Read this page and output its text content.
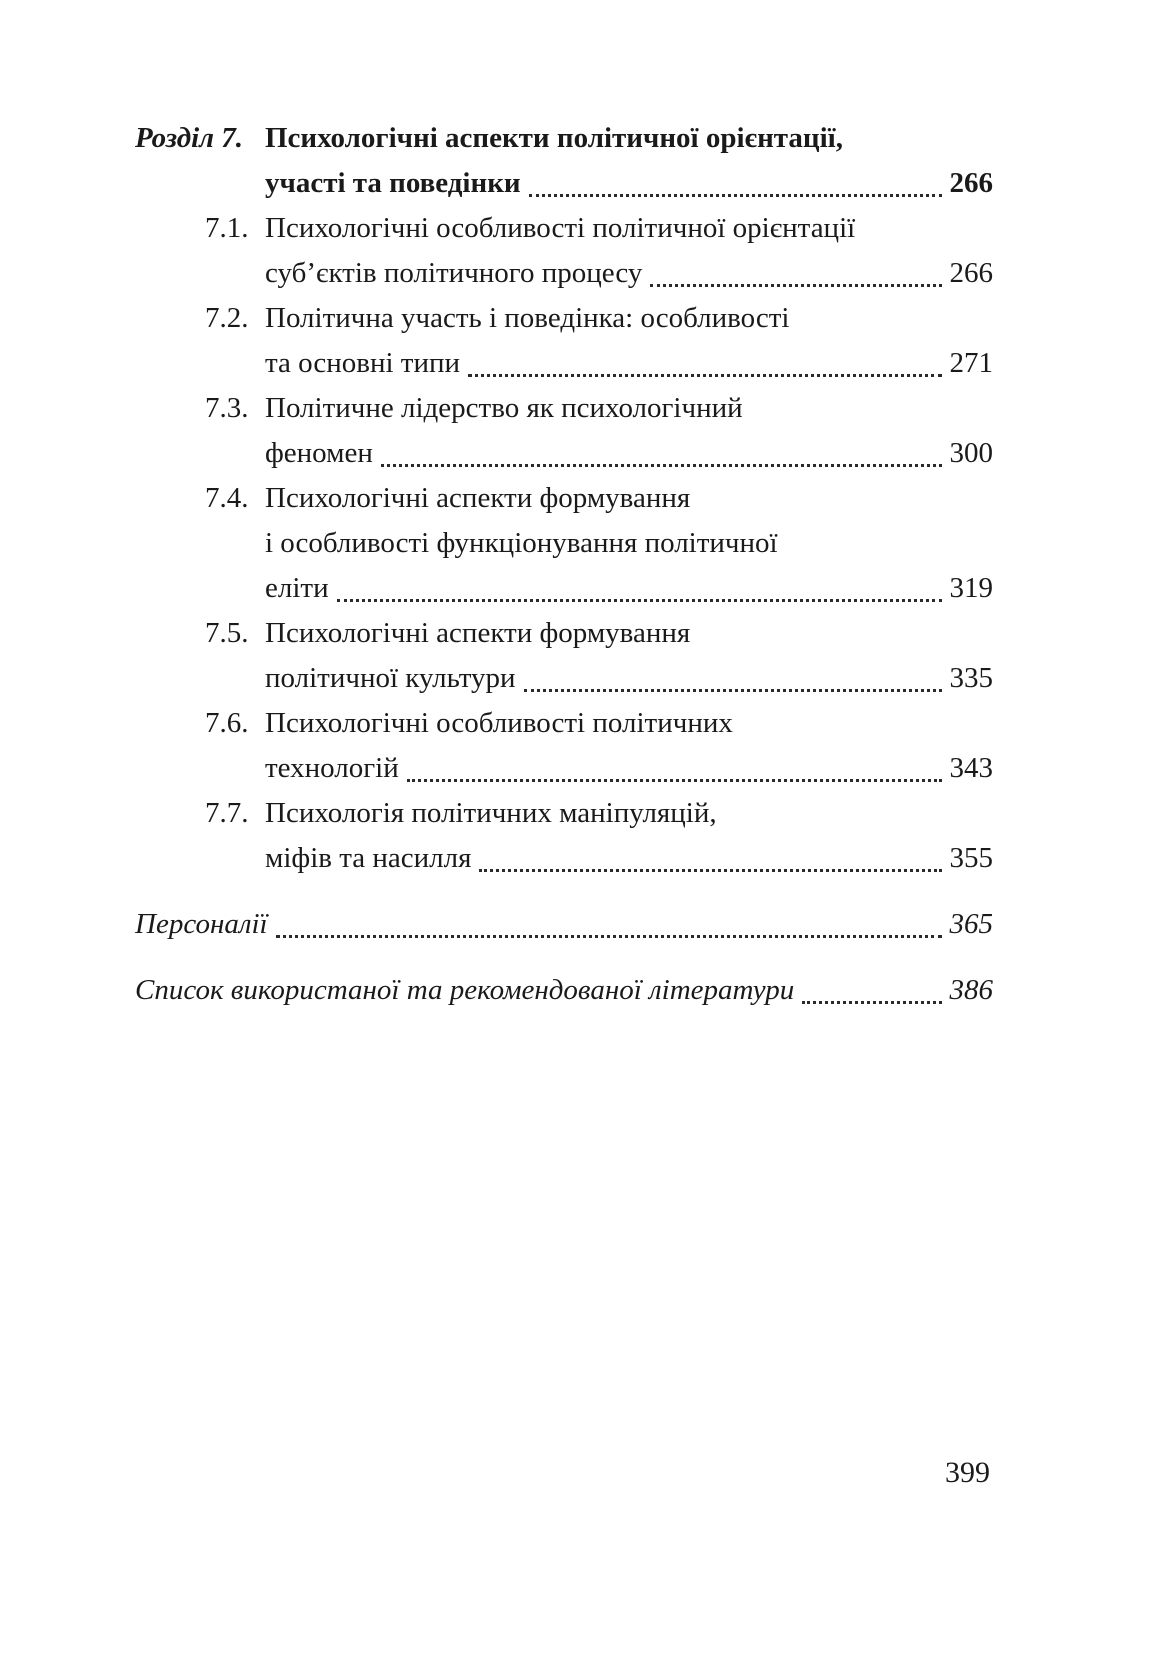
Розділ 7. Психологічні аспекти політичної орієнтації,
участі та поведінки	266
7.1. Психологічні особливості політичної орієнтації
суб’єктів політичного процесу	266
7.2. Політична участь і поведінка: особливості
та основні типи	271
7.3. Політичне лідерство як психологічний
феномен	300
7.4. Психологічні аспекти формування
і особливості функціонування політичної
еліти	319
7.5. Психологічні аспекти формування
політичної культури	335
7.6. Психологічні особливості політичних
технологій	343
7.7. Психологія політичних маніпуляцій,
міфів та насилля	355
Персоналії	365
Список використаної та рекомендованої літератури	386
399
